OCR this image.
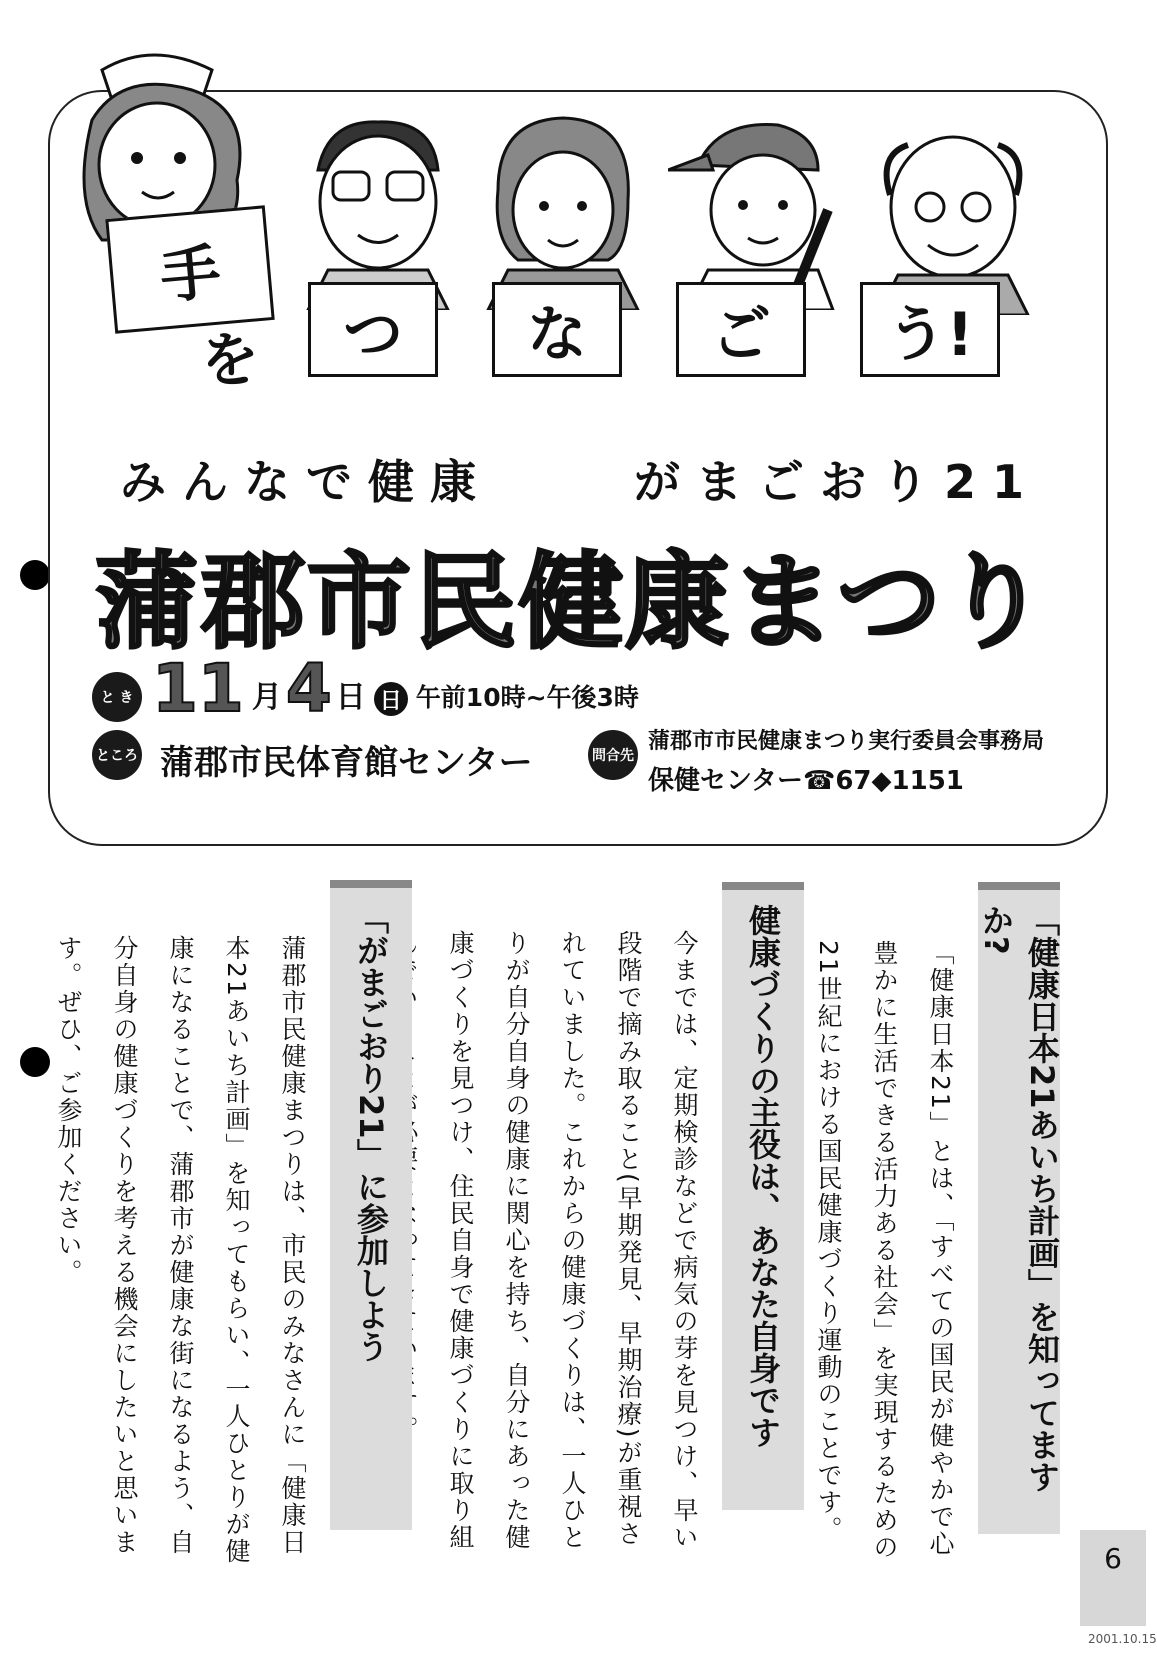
手
を	つ	な	ご	う!
みんなで健康	がまごおり21
蒲郡市民健康まつり
と き 11 月 4 日 日 午前10時~午後3時
ところ 蒲郡市民体育館センター	問合先
蒲郡市市民健康まつり実行委員会事務局
保健センター☎67◆1151
「健康日本21あいち計画」を知ってますか?
「健康日本21」とは、「すべての国民が健やかで心豊かに生活できる活力ある社会」を実現するための21世紀における国民健康づくり運動のことです。
健康づくりの主役は、あなた自身です
今までは、定期検診などで病気の芽を見つけ、早い段階で摘み取ること(早期発見、早期治療)が重視されていました。これからの健康づくりは、一人ひとりが自分自身の健康に関心を持ち、自分にあった健康づくりを見つけ、住民自身で健康づくりに取り組
「がまごおり21」に参加しよう
蒲郡市民健康まつりは、市民のみなさんに「健康日本21あいち計画」を知ってもらい、一人ひとりが健康になることで、蒲郡市が健康な街になるよう、自分自身の健康づくりを考える機会にしたいと思います。ぜひ、ご参加ください。
6
2001.10.15
